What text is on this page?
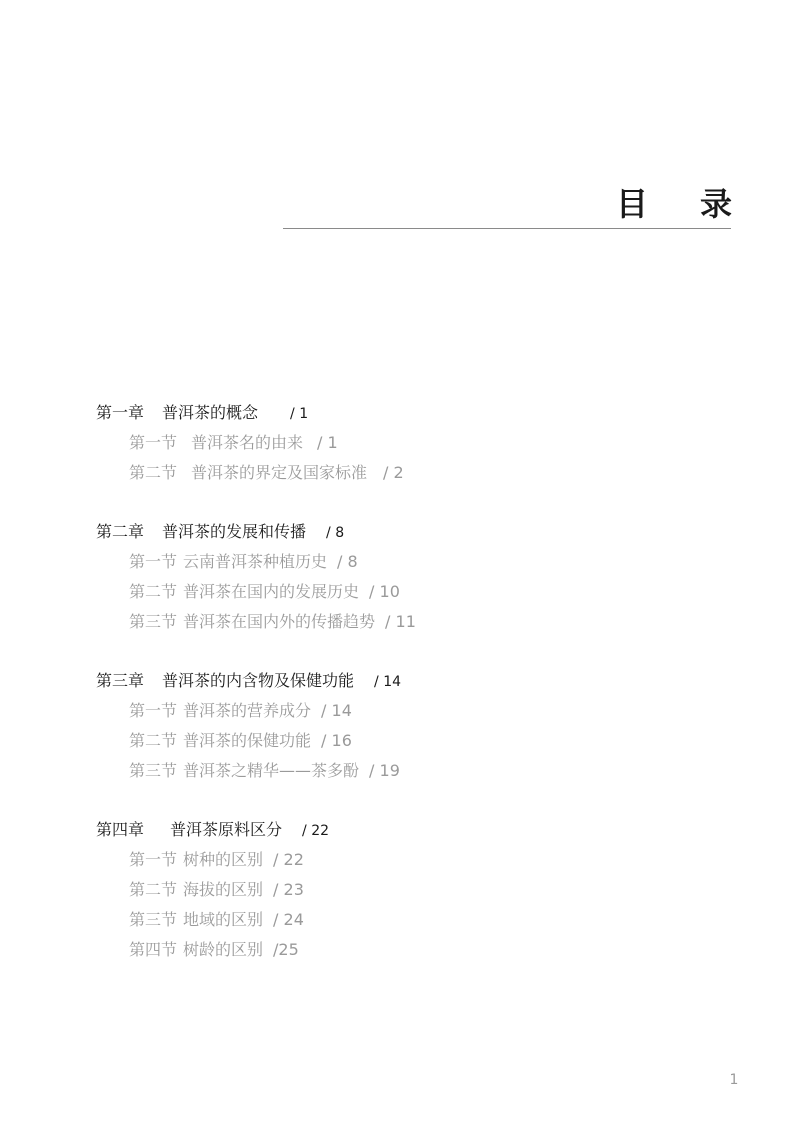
目录
第一章 普洱茶的概念 / 1
第一节 普洱茶名的由来 / 1
第二节 普洱茶的界定及国家标准 / 2
第二章 普洱茶的发展和传播 / 8
第一节 云南普洱茶种植历史 / 8
第二节 普洱茶在国内的发展历史 / 10
第三节 普洱茶在国内外的传播趋势 / 11
第三章 普洱茶的内含物及保健功能 / 14
第一节 普洱茶的营养成分 / 14
第二节 普洱茶的保健功能 / 16
第三节 普洱茶之精华——茶多酚 / 19
第四章 普洱茶原料区分 / 22
第一节 树种的区别 / 22
第二节 海拔的区别 / 23
第三节 地域的区别 / 24
第四节 树龄的区别 /25
1
